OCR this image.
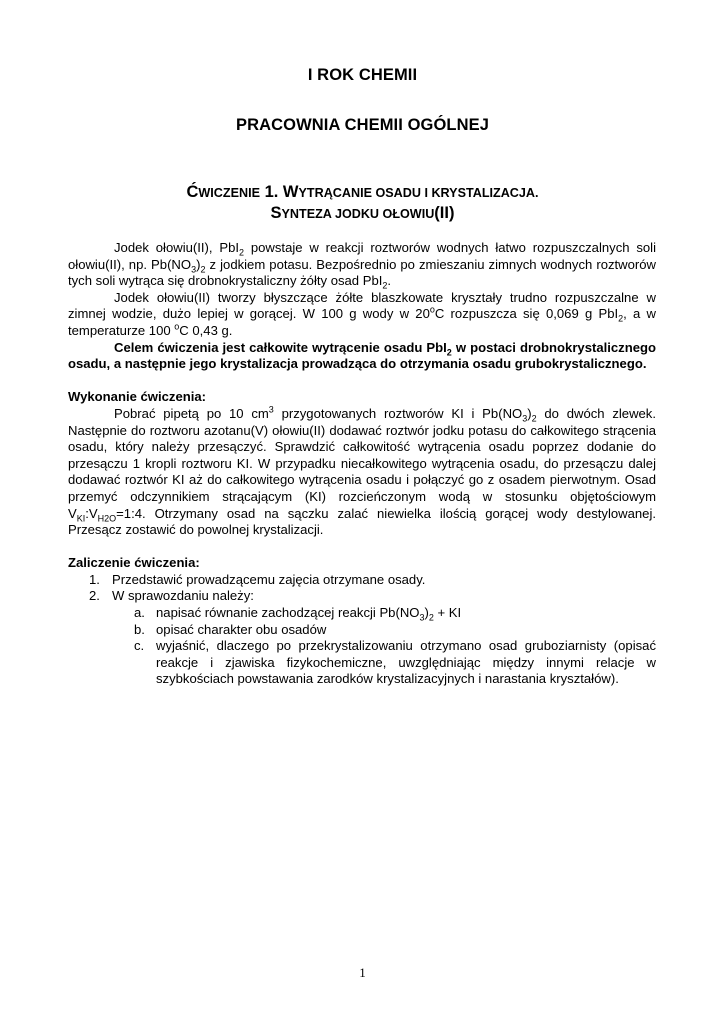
I ROK CHEMII
PRACOWNIA CHEMII OGÓLNEJ
ĆWICZENIE 1. WYTRĄCANIE OSADU I KRYSTALIZACJA.
SYNTEZA JODKU OŁOWIU(II)

Jodek ołowiu(II), PbI$_2$ powstaje w reakcji roztworów wodnych łatwo rozpuszczalnych soli ołowiu(II), np. $Pb(NO_3)_2$ z jodkiem potasu. Bezpośrednio po zmieszaniu zimnych wodnych roztworów tych soli wytrąca się drobnokrystaliczny żółty osad PbI$_2$.

Jodek ołowiu(II) tworzy błyszczące żółte blaszkowate kryształy trudno rozpuszczalne w zimnej wodzie, dużo lepiej w gorącej. W 100 g wody w 20$^o$C rozpuszcza się 0,069 g PbI$_2$, a w temperaturze 100 $^o$C 0,43 g.

Celem ćwiczenia jest całkowite wytrącenie osadu PbI$_2$ w postaci drobnokrystalicznego osadu, a następnie jego krystalizacja prowadząca do otrzymania osadu grubokrystalicznego.

Wykonanie ćwiczenia:

Pobrać pipetą po 10 $cm^3$ przygotowanych roztworów KI i $Pb(NO_3)_2$ do dwóch zlewek. Następnie do roztworu azotanu(V) ołowiu(II) dodawać roztwór jodku potasu do całkowitego strącenia osadu, który należy przesączyć. Sprawdzić całkowitość wytrącenia osadu poprzez dodanie do przesączu 1 kropli roztworu KI. W przypadku niecałkowitego wytrącenia osadu, do przesączu dalej dodawać roztwór KI aż do całkowitego wytrącenia osadu i połączyć go z osadem pierwotnym. Osad przemyć odczynnikiem strącającym (KI) rozcieńczonym wodą w stosunku objętościowym $V_{KI}:V_{H2O}=1:4$. Otrzymany osad na sączku zalać niewielka ilością gorącej wody destylowanej. Przesącz zostawić do powolnej krystalizacji.

Zaliczenie ćwiczenia:

1. Przedstawić prowadzącemu zajęcia otrzymane osady.
2. W sprawozdaniu należy:
a. napisać równanie zachodzącej reakcji $Pb(NO_3)_2$ + KI
b. opisać charakter obu osadów
c. wyjaśnić, dlaczego po przekrystalizowaniu otrzymano osad gruboziarnisty (opisać reakcje i zjawiska fizykochemiczne, uwzględniając między innymi relacje w szybkościach powstawania zarodków krystalizacyjnych i narastania kryształów).
1
